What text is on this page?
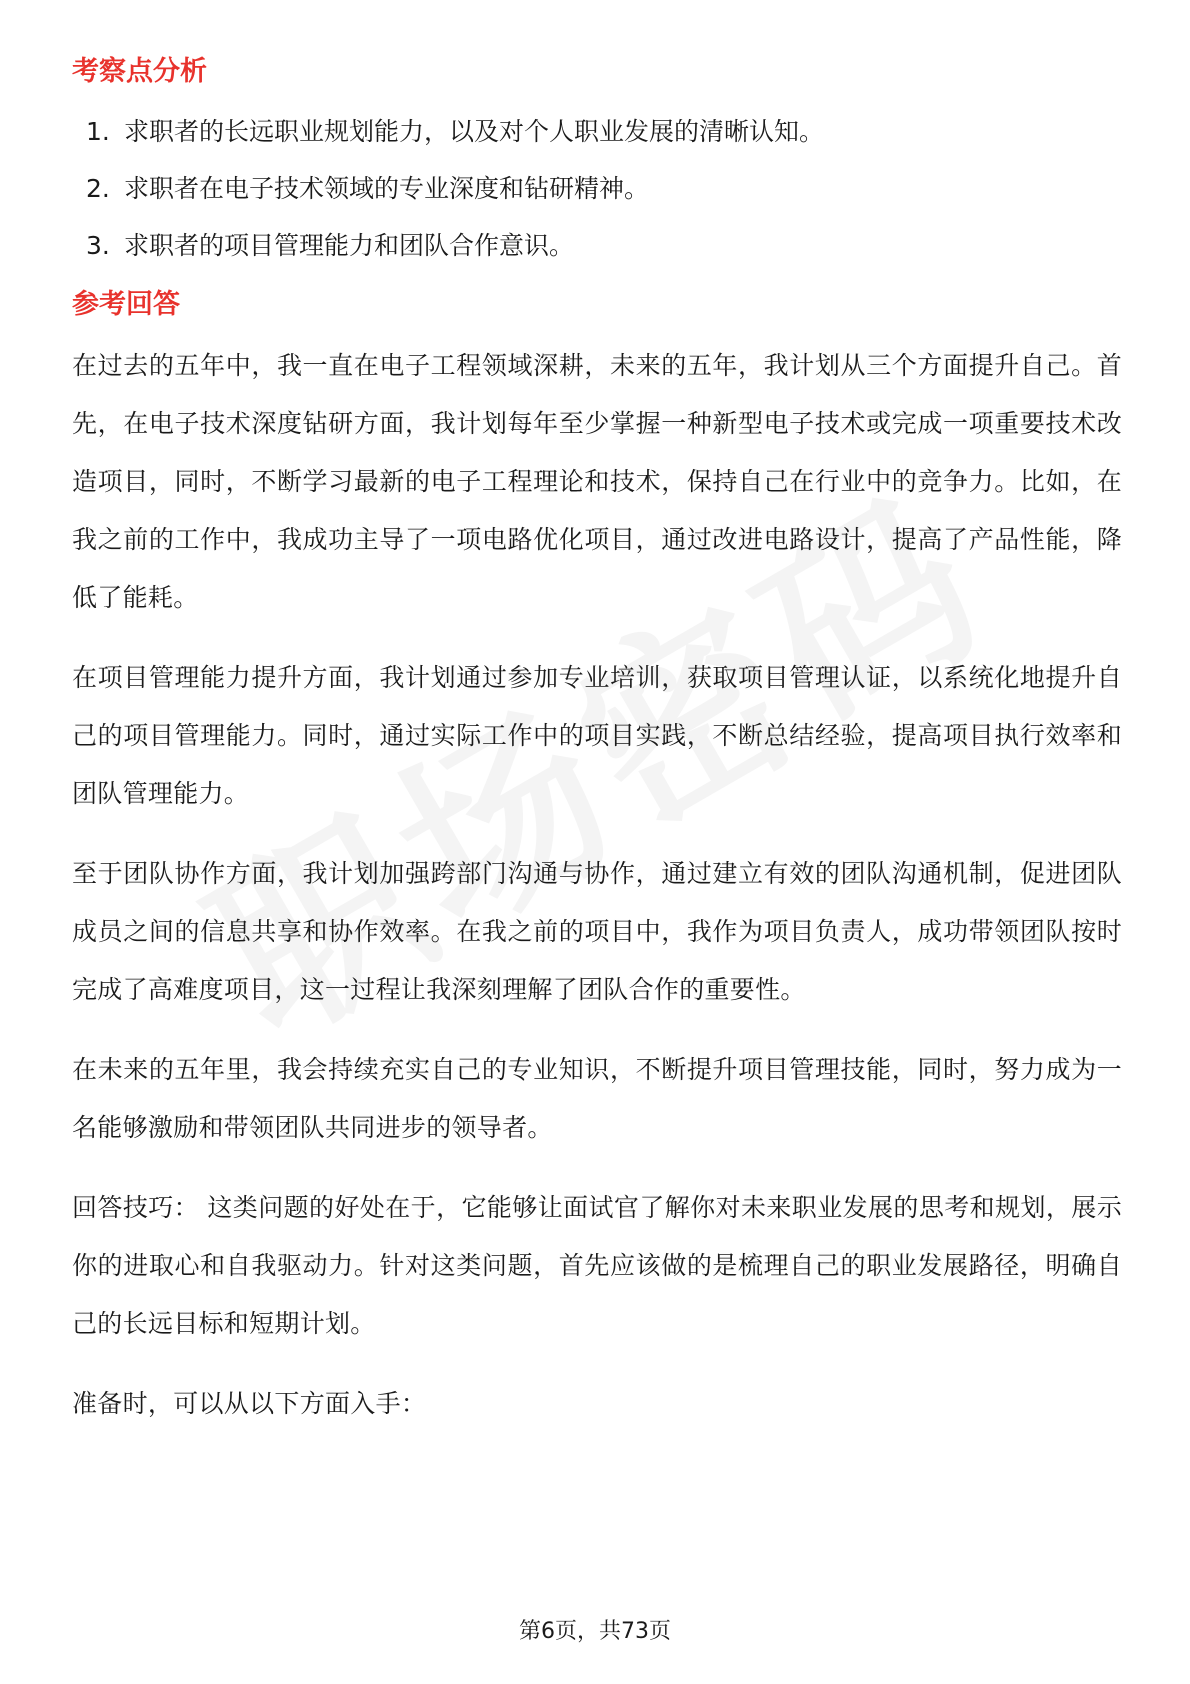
考察点分析
1. 求职者的长远职业规划能力，以及对个人职业发展的清晰认知。
2. 求职者在电子技术领域的专业深度和钻研精神。
3. 求职者的项目管理能力和团队合作意识。
参考回答

在过去的五年中，我一直在电子工程领域深耕，未来的五年，我计划从三个方面提升自己。首先，在电子技术深度钻研方面，我计划每年至少掌握一种新型电子技术或完成一项重要技术改造项目，同时，不断学习最新的电子工程理论和技术，保持自己在行业中的竞争力。比如，在我之前的工作中，我成功主导了一项电路优化项目，通过改进电路设计，提高了产品性能，降低了能耗。

在项目管理能力提升方面，我计划通过参加专业培训，获取项目管理认证，以系统化地提升自己的项目管理能力。同时，通过实际工作中的项目实践，不断总结经验，提高项目执行效率和团队管理能力。

至于团队协作方面，我计划加强跨部门沟通与协作，通过建立有效的团队沟通机制，促进团队成员之间的信息共享和协作效率。在我之前的项目中，我作为项目负责人，成功带领团队按时完成了高难度项目，这一过程让我深刻理解了团队合作的重要性。

在未来的五年里，我会持续充实自己的专业知识，不断提升项目管理技能，同时，努力成为一名能够激励和带领团队共同进步的领导者。

回答技巧： 这类问题的好处在于，它能够让面试官了解你对未来职业发展的思考和规划，展示你的进取心和自我驱动力。针对这类问题，首先应该做的是梳理自己的职业发展路径，明确自己的长远目标和短期计划。

准备时，可以从以下方面入手：

第6页，共73页
